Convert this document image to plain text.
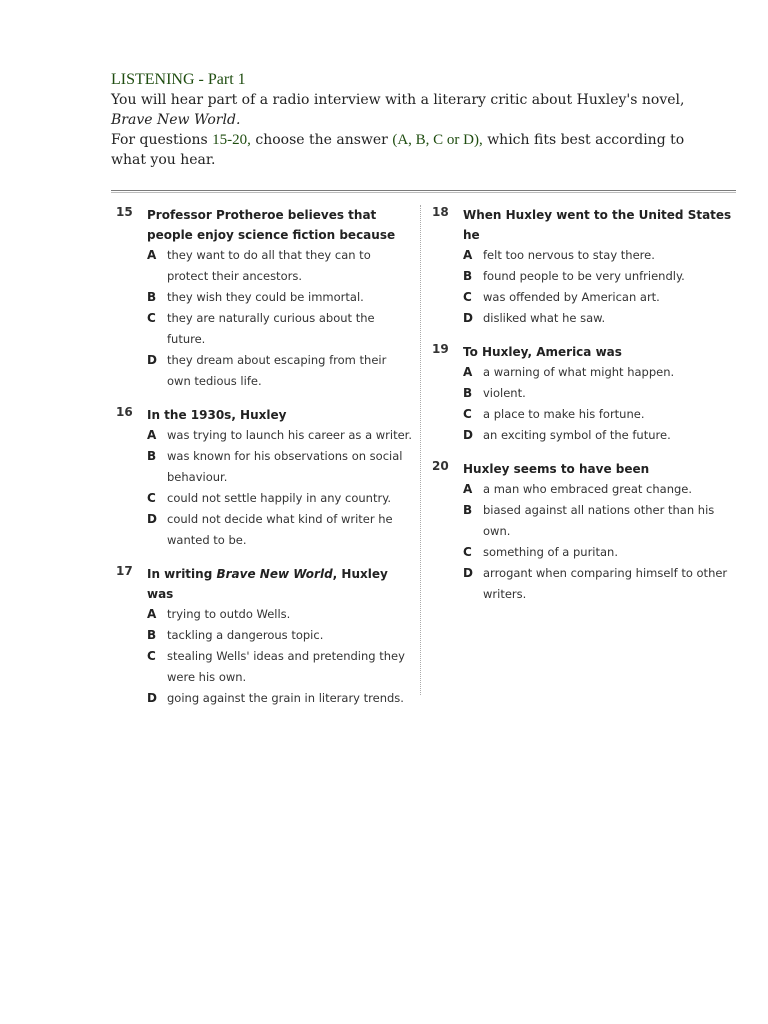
LISTENING - Part 1
You will hear part of a radio interview with a literary critic about Huxley's novel,
Brave New World.
For questions 15-20, choose the answer (A, B, C or D), which fits best according to what you hear.
15	Professor Protheroe believes that people enjoy science fiction because
A they want to do all that they can to protect their ancestors.
B they wish they could be immortal.
C they are naturally curious about the future.
D they dream about escaping from their own tedious life.
16	In the 1930s, Huxley
A was trying to launch his career as a writer.
B was known for his observations on social behaviour.
C could not settle happily in any country.
D could not decide what kind of writer he wanted to be.
17	In writing Brave New World, Huxley was
A trying to outdo Wells.
B tackling a dangerous topic.
C stealing Wells' ideas and pretending they were his own.
D going against the grain in literary trends.
18	When Huxley went to the United States he
A felt too nervous to stay there.
B found people to be very unfriendly.
C was offended by American art.
D disliked what he saw.
19	To Huxley, America was
A a warning of what might happen.
B violent.
C a place to make his fortune.
D an exciting symbol of the future.
20	Huxley seems to have been
A a man who embraced great change.
B biased against all nations other than his own.
C something of a puritan.
D arrogant when comparing himself to other writers.
